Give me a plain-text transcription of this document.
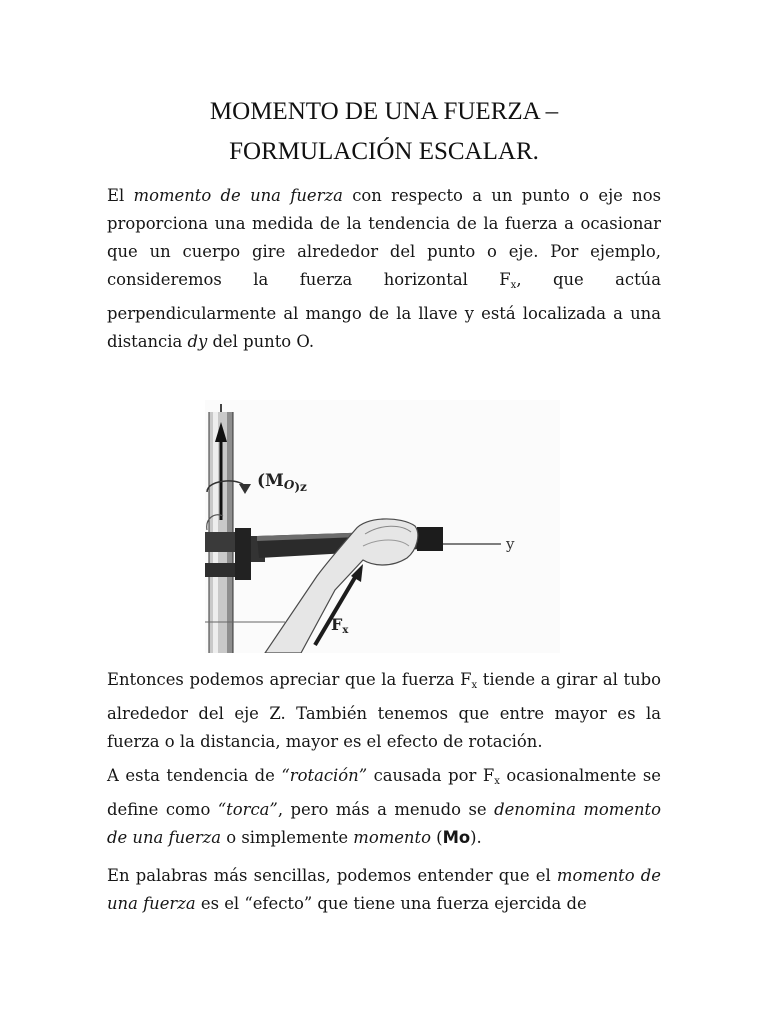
MOMENTO DE UNA FUERZA –
FORMULACIÓN ESCALAR.
El momento de una fuerza con respecto a un punto o eje nos proporciona una medida de la tendencia de la fuerza a ocasionar que un cuerpo gire alrededor del punto o eje. Por ejemplo, consideremos la fuerza horizontal $F_x$, que actúa perpendicularmente al mango de la llave y está localizada a una distancia dy del punto O.
(MO)z
y
Fx
Entonces podemos apreciar que la fuerza $F_x$ tiende a girar al tubo alrededor del eje Z. También tenemos que entre mayor es la fuerza o la distancia, mayor es el efecto de rotación.
A esta tendencia de “rotación” causada por $F_x$ ocasionalmente se define como “torca”, pero más a menudo se denomina momento de una fuerza o simplemente momento (Mo).
En palabras más sencillas, podemos entender que el momento de una fuerza es el “efecto” que tiene una fuerza ejercida de
